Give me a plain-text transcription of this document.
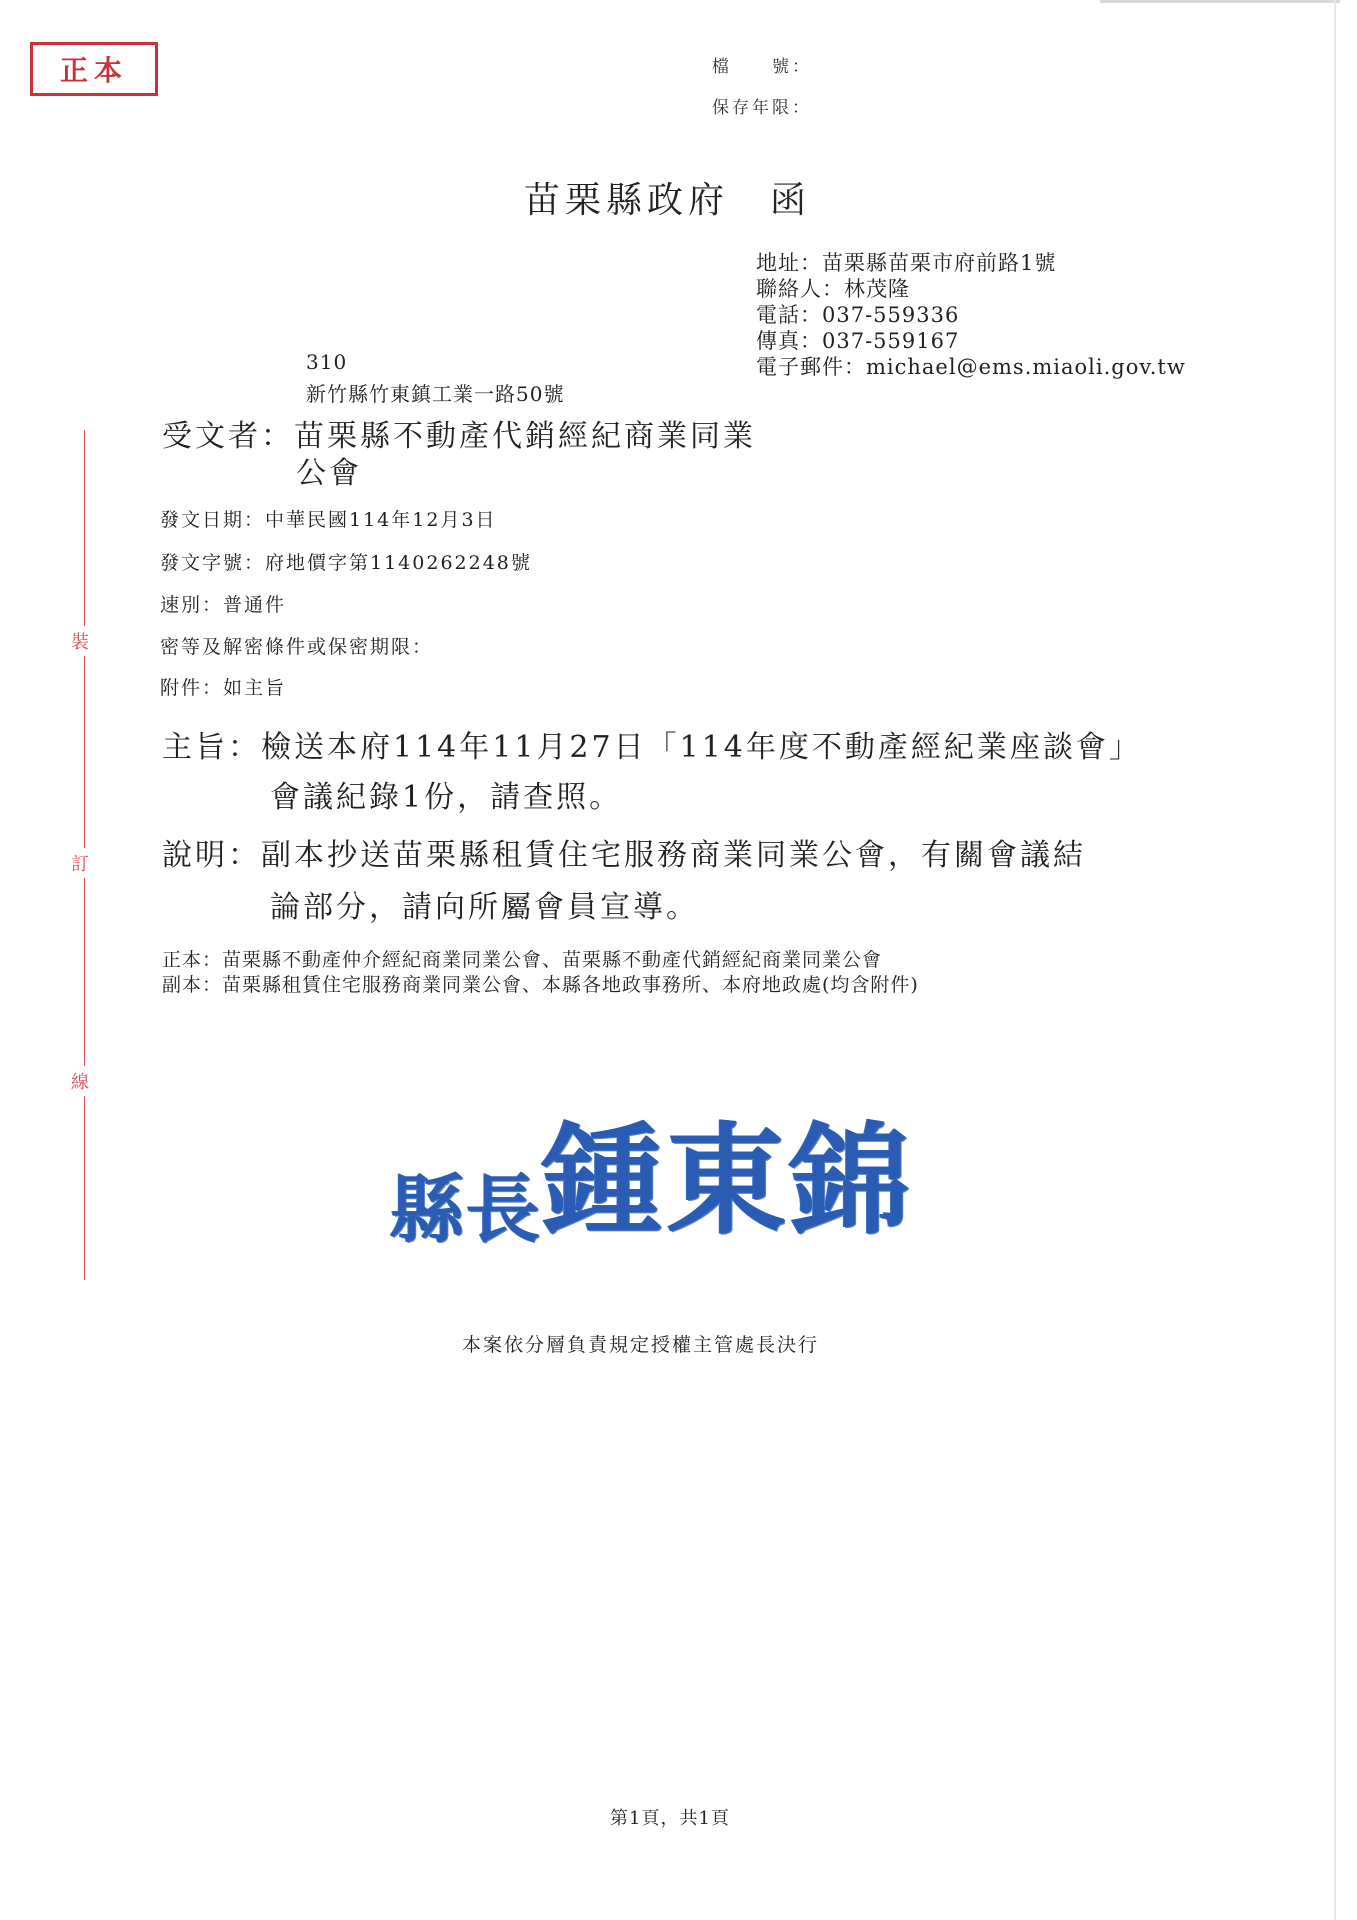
正本	檔　　號：
保存年限：
苗栗縣政府　函
地址：苗栗縣苗栗市府前路1號
聯絡人：林茂隆
電話：037-559336
傳真：037-559167
電子郵件：michael@ems.miaoli.gov.tw
310
新竹縣竹東鎮工業一路50號
受文者：苗栗縣不動產代銷經紀商業同業
公會
發文日期：中華民國114年12月3日
發文字號：府地價字第1140262248號
速別：普通件
密等及解密條件或保密期限：
附件：如主旨
主旨：檢送本府114年11月27日「114年度不動產經紀業座談會」
會議紀錄1份，請查照。
說明：副本抄送苗栗縣租賃住宅服務商業同業公會，有關會議結
論部分，請向所屬會員宣導。
正本：苗栗縣不動產仲介經紀商業同業公會、苗栗縣不動產代銷經紀商業同業公會
副本：苗栗縣租賃住宅服務商業同業公會、本縣各地政事務所、本府地政處(均含附件)
裝
訂
線
縣長鍾東錦
本案依分層負責規定授權主管處長決行
第1頁，共1頁
